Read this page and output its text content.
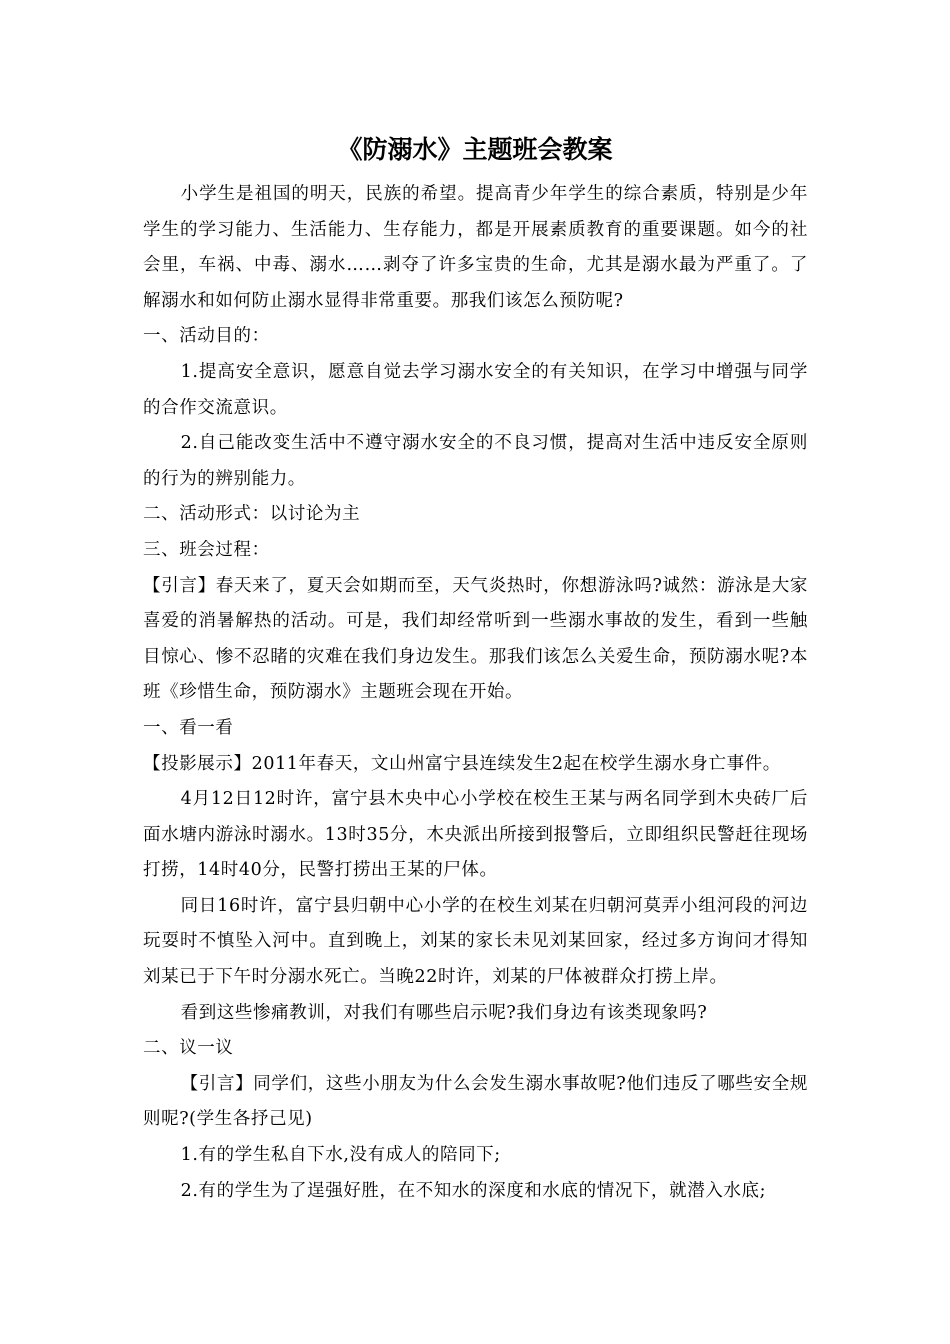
《防溺水》主题班会教案

小学生是祖国的明天，民族的希望。提高青少年学生的综合素质，特别是少年学生的学习能力、生活能力、生存能力，都是开展素质教育的重要课题。如今的社会里，车祸、中毒、溺水……剥夺了许多宝贵的生命，尤其是溺水最为严重了。了解溺水和如何防止溺水显得非常重要。那我们该怎么预防呢?

一、活动目的：

1.提高安全意识，愿意自觉去学习溺水安全的有关知识，在学习中增强与同学的合作交流意识。

2.自己能改变生活中不遵守溺水安全的不良习惯，提高对生活中违反安全原则的行为的辨别能力。

二、活动形式：以讨论为主

三、班会过程：

【引言】春天来了，夏天会如期而至，天气炎热时，你想游泳吗?诚然：游泳是大家喜爱的消暑解热的活动。可是，我们却经常听到一些溺水事故的发生，看到一些触目惊心、惨不忍睹的灾难在我们身边发生。那我们该怎么关爱生命，预防溺水呢?本班《珍惜生命，预防溺水》主题班会现在开始。

一、看一看

【投影展示】2011年春天，文山州富宁县连续发生2起在校学生溺水身亡事件。

4月12日12时许，富宁县木央中心小学校在校生王某与两名同学到木央砖厂后面水塘内游泳时溺水。13时35分，木央派出所接到报警后，立即组织民警赶往现场打捞，14时40分，民警打捞出王某的尸体。

同日16时许，富宁县归朝中心小学的在校生刘某在归朝河莫弄小组河段的河边玩耍时不慎坠入河中。直到晚上，刘某的家长未见刘某回家，经过多方询问才得知刘某已于下午时分溺水死亡。当晚22时许，刘某的尸体被群众打捞上岸。

看到这些惨痛教训，对我们有哪些启示呢?我们身边有该类现象吗?

二、议一议

【引言】同学们，这些小朋友为什么会发生溺水事故呢?他们违反了哪些安全规则呢?(学生各抒己见)

1.有的学生私自下水,没有成人的陪同下;

2.有的学生为了逞强好胜，在不知水的深度和水底的情况下，就潜入水底;
